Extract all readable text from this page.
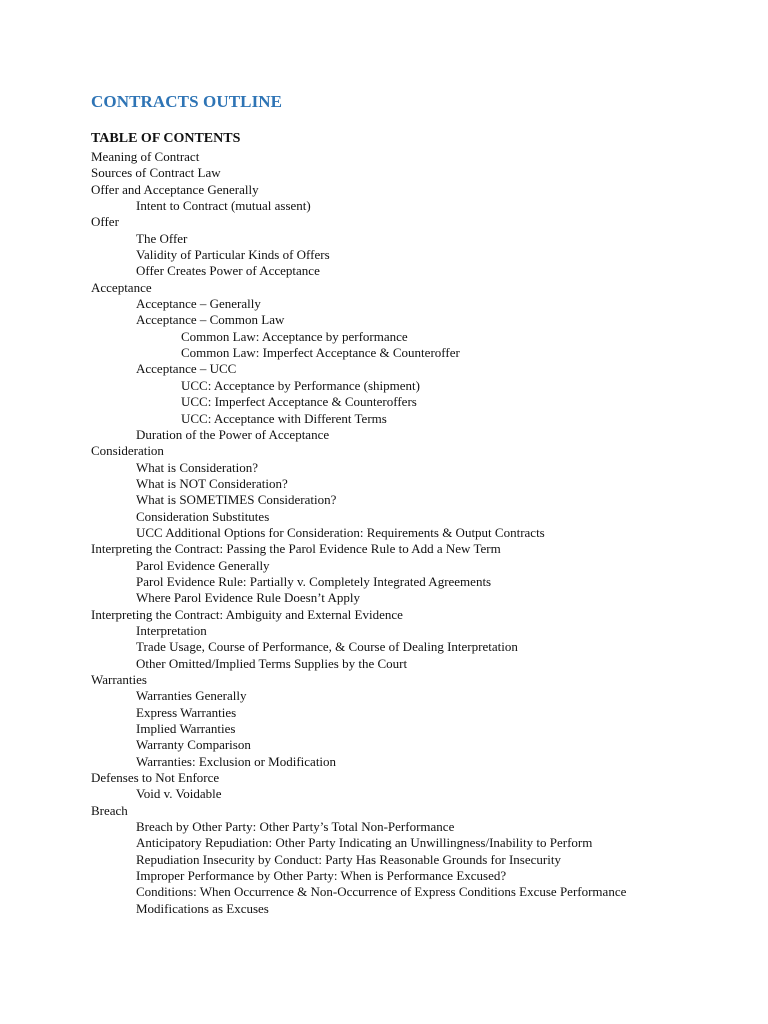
CONTRACTS OUTLINE
TABLE OF CONTENTS
Meaning of Contract
Sources of Contract Law
Offer and Acceptance Generally
Intent to Contract (mutual assent)
Offer
The Offer
Validity of Particular Kinds of Offers
Offer Creates Power of Acceptance
Acceptance
Acceptance – Generally
Acceptance – Common Law
Common Law: Acceptance by performance
Common Law: Imperfect Acceptance & Counteroffer
Acceptance – UCC
UCC: Acceptance by Performance (shipment)
UCC: Imperfect Acceptance & Counteroffers
UCC: Acceptance with Different Terms
Duration of the Power of Acceptance
Consideration
What is Consideration?
What is NOT Consideration?
What is SOMETIMES Consideration?
Consideration Substitutes
UCC Additional Options for Consideration: Requirements & Output Contracts
Interpreting the Contract: Passing the Parol Evidence Rule to Add a New Term
Parol Evidence Generally
Parol Evidence Rule: Partially v. Completely Integrated Agreements
Where Parol Evidence Rule Doesn’t Apply
Interpreting the Contract: Ambiguity and External Evidence
Interpretation
Trade Usage, Course of Performance, & Course of Dealing Interpretation
Other Omitted/Implied Terms Supplies by the Court
Warranties
Warranties Generally
Express Warranties
Implied Warranties
Warranty Comparison
Warranties: Exclusion or Modification
Defenses to Not Enforce
Void v. Voidable
Breach
Breach by Other Party: Other Party’s Total Non-Performance
Anticipatory Repudiation: Other Party Indicating an Unwillingness/Inability to Perform
Repudiation Insecurity by Conduct: Party Has Reasonable Grounds for Insecurity
Improper Performance by Other Party: When is Performance Excused?
Conditions: When Occurrence & Non-Occurrence of Express Conditions Excuse Performance
Modifications as Excuses
